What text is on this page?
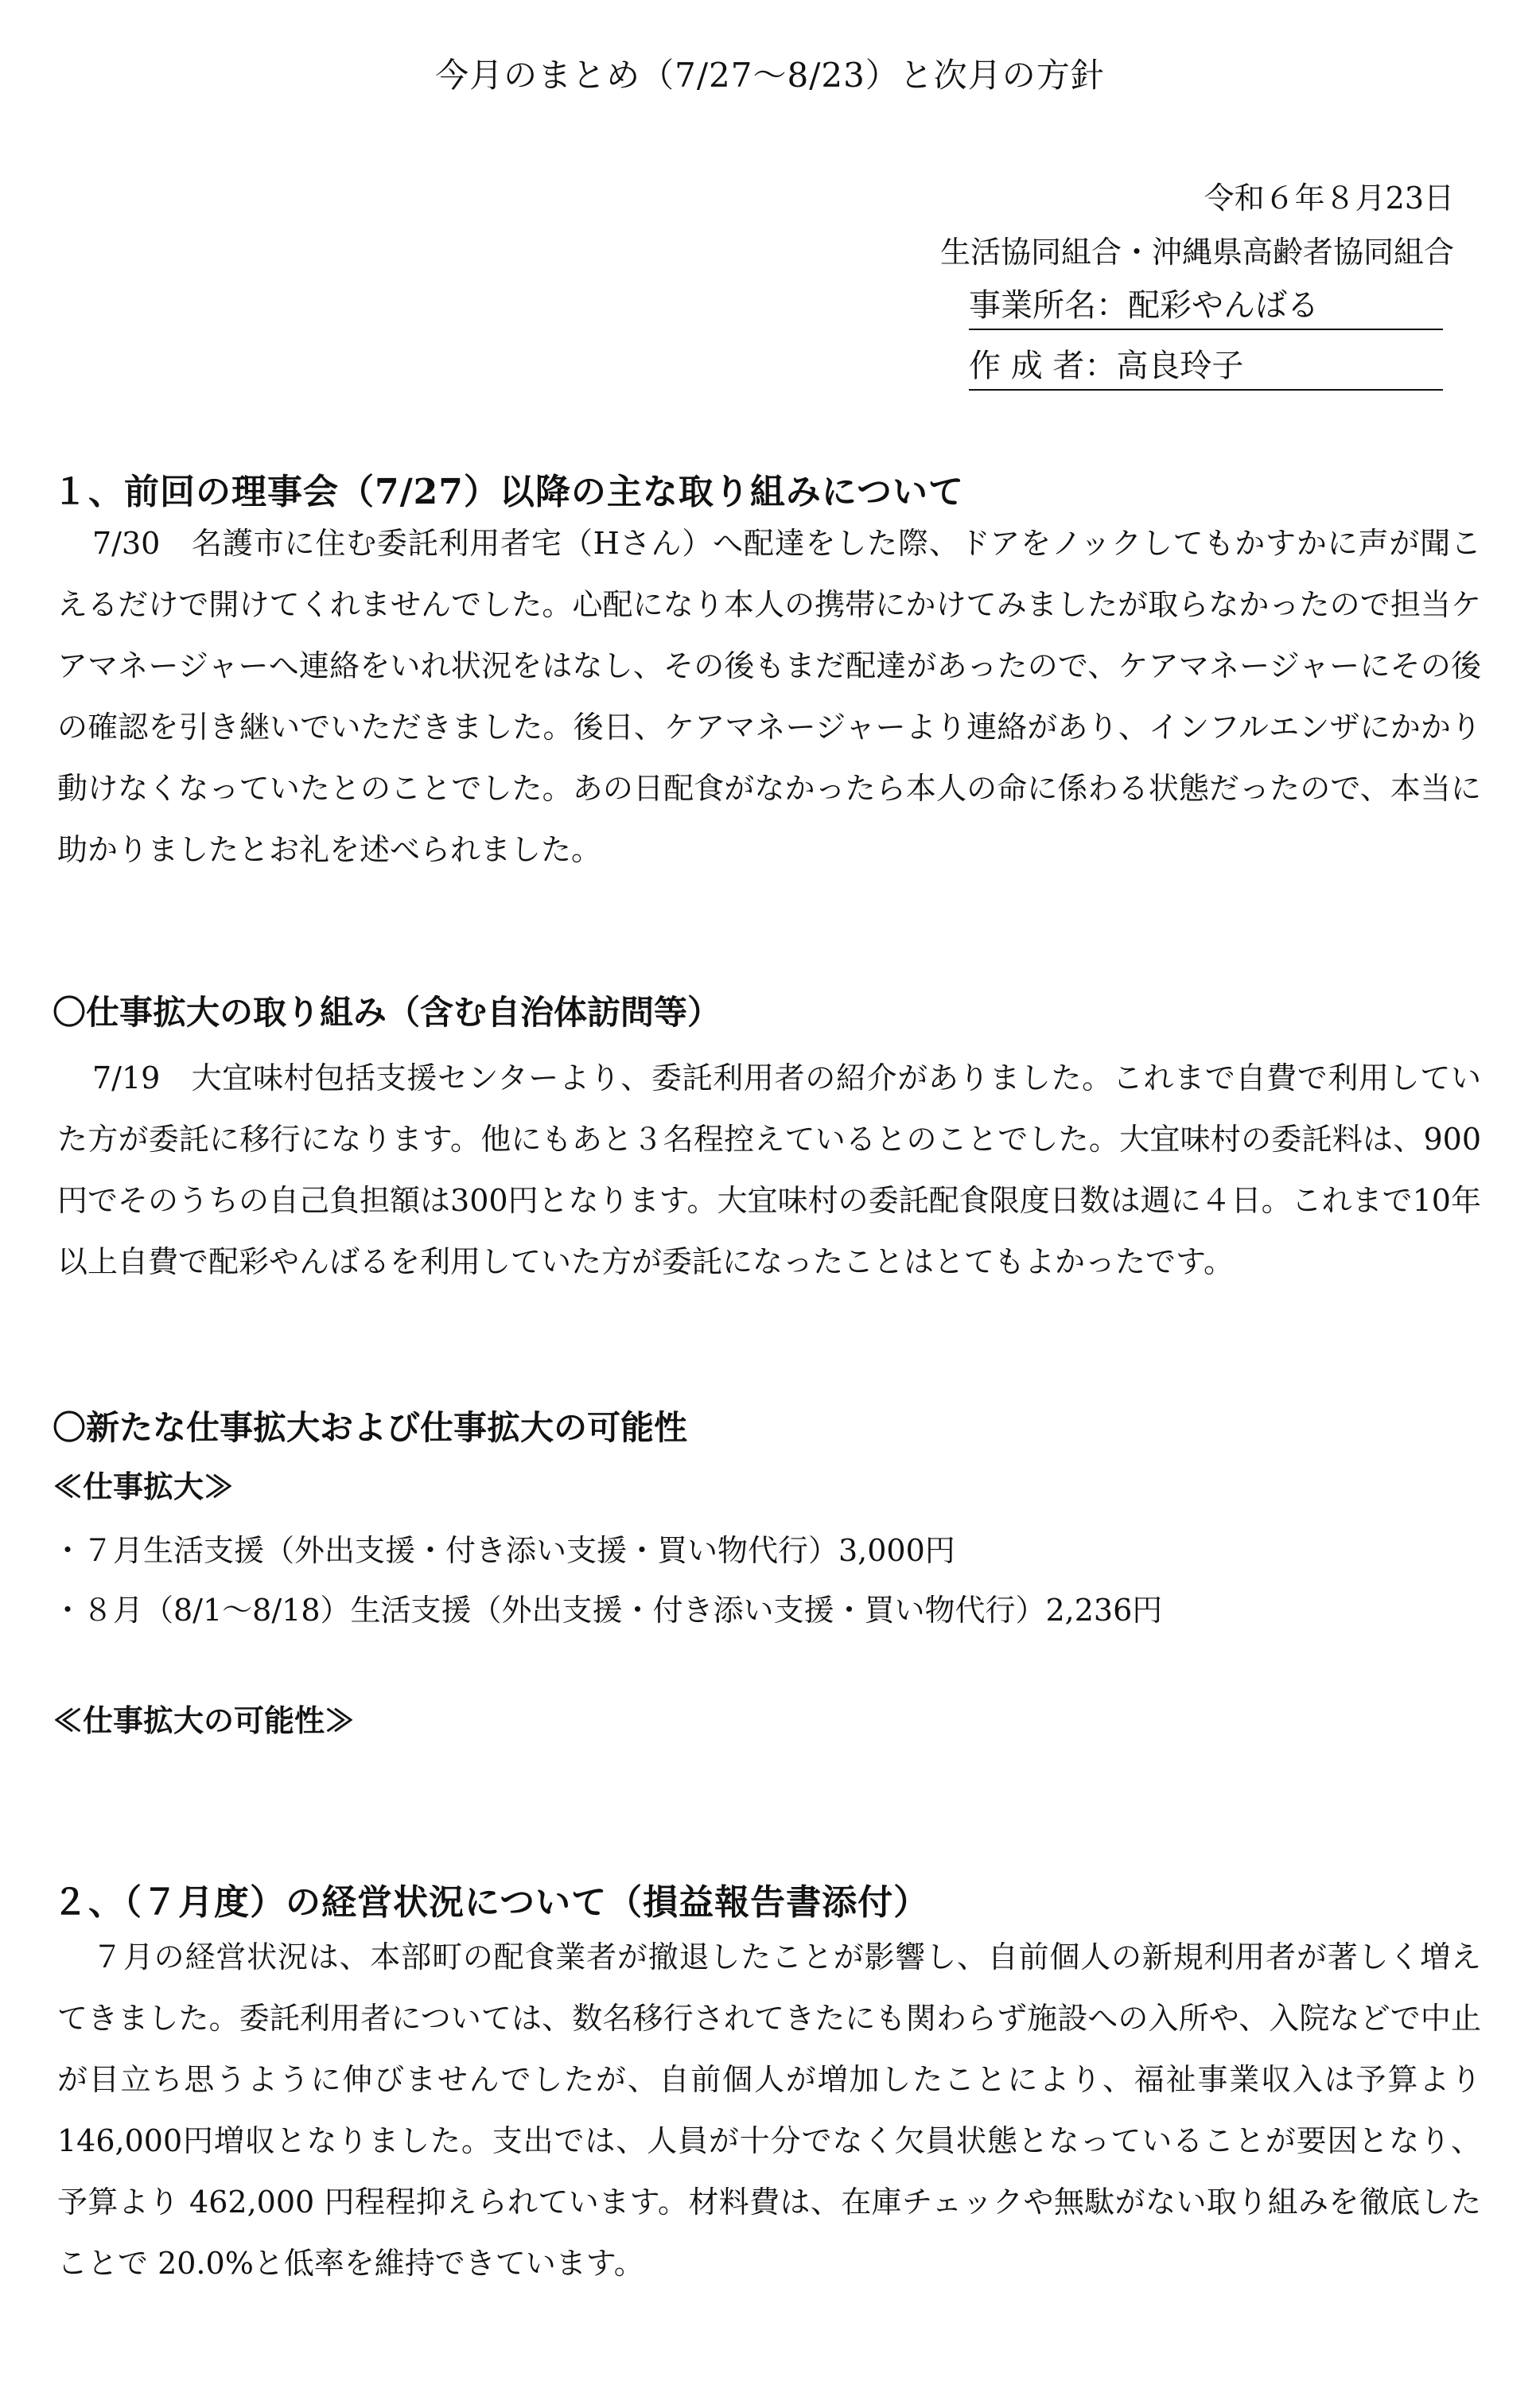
今月のまとめ（7/27～8/23）と次月の方針
令和６年８月23日
生活協同組合・沖縄県高齢者協同組合
事業所名：配彩やんばる
作 成 者：高良玲子
１、前回の理事会（7/27）以降の主な取り組みについて

7/30　名護市に住む委託利用者宅（Hさん）へ配達をした際、ドアをノックしてもかすかに声が聞こえるだけで開けてくれませんでした。心配になり本人の携帯にかけてみましたが取らなかったので担当ケアマネージャーへ連絡をいれ状況をはなし、その後もまだ配達があったので、ケアマネージャーにその後の確認を引き継いでいただきました。後日、ケアマネージャーより連絡があり、インフルエンザにかかり動けなくなっていたとのことでした。あの日配食がなかったら本人の命に係わる状態だったので、本当に助かりましたとお礼を述べられました。

〇仕事拡大の取り組み（含む自治体訪問等）

7/19　大宜味村包括支援センターより、委託利用者の紹介がありました。これまで自費で利用していた方が委託に移行になります。他にもあと３名程控えているとのことでした。大宜味村の委託料は、900円でそのうちの自己負担額は300円となります。大宜味村の委託配食限度日数は週に４日。これまで10年以上自費で配彩やんばるを利用していた方が委託になったことはとてもよかったです。

〇新たな仕事拡大および仕事拡大の可能性
≪仕事拡大≫
・７月生活支援（外出支援・付き添い支援・買い物代行）3,000円
・８月（8/1～8/18）生活支援（外出支援・付き添い支援・買い物代行）2,236円
≪仕事拡大の可能性≫
２、（７月度）の経営状況について（損益報告書添付）

７月の経営状況は、本部町の配食業者が撤退したことが影響し、自前個人の新規利用者が著しく増えてきました。委託利用者については、数名移行されてきたにも関わらず施設への入所や、入院などで中止が目立ち思うように伸びませんでしたが、自前個人が増加したことにより、福祉事業収入は予算より146,000円増収となりました。支出では、人員が十分でなく欠員状態となっていることが要因となり、予算より 462,000 円程程抑えられています。材料費は、在庫チェックや無駄がない取り組みを徹底したことで 20.0%と低率を維持できています。
